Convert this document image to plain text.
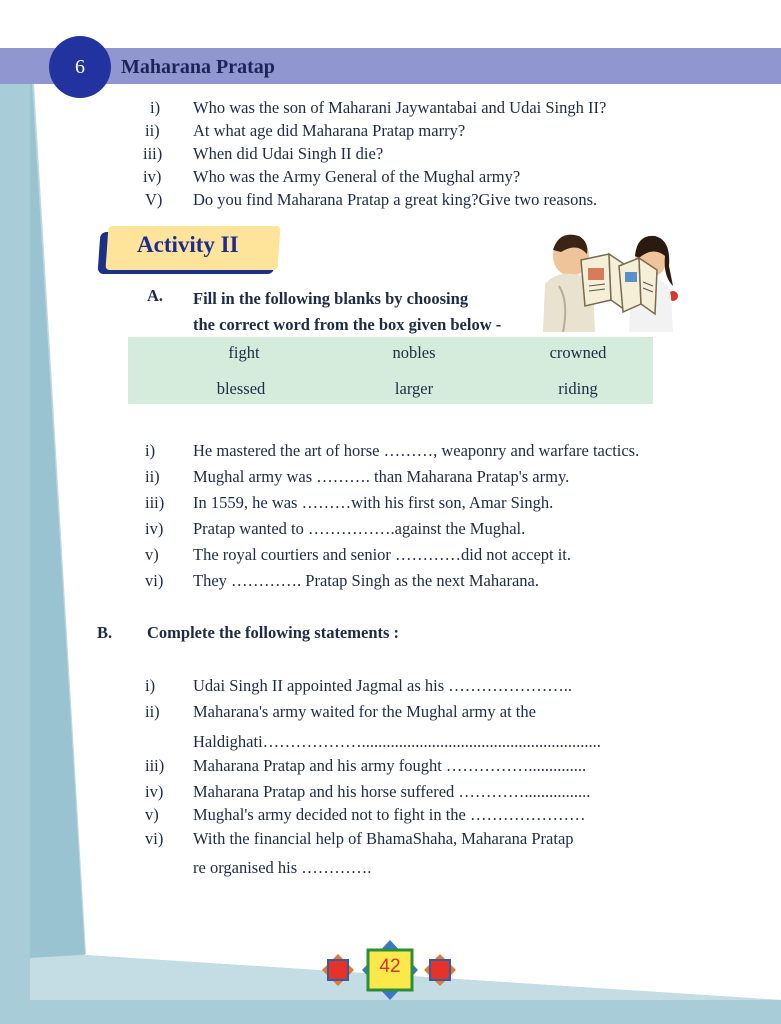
6	Maharana Pratap
i)	Who was the son of Maharani Jaywantabai and Udai Singh II?
ii)	At what age did Maharana Pratap marry?
iii)	When did Udai Singh II die?
iv)	Who was the Army General of the Mughal army?
V)	Do you find Maharana Pratap a great king?Give two reasons.
Activity II
A. Fill in the following blanks by choosing
the correct word from the box given below -
fight	nobles	crowned
blessed	larger	riding
i)	He mastered the art of horse ………, weaponry and warfare tactics.
ii)	Mughal army was ………. than Maharana Pratap's army.
iii)	In 1559, he was ………with his first son, Amar Singh.
iv)	Pratap wanted to …………….against the Mughal.
v)	The royal courtiers and senior …………did not accept it.
vi)	They …………. Pratap Singh as the next Maharana.
B. Complete the following statements :
i)	Udai Singh II appointed Jagmal as his …………………..
ii)	Maharana's army waited for the Mughal army at the
Haldighati………………..........................................................
iii)	Maharana Pratap and his army fought ……………..............
iv)	Maharana Pratap and his horse suffered …………................
v)	Mughal's army decided not to fight in the …………………
vi)	With the financial help of BhamaShaha, Maharana Pratap
re organised his ………….
42
